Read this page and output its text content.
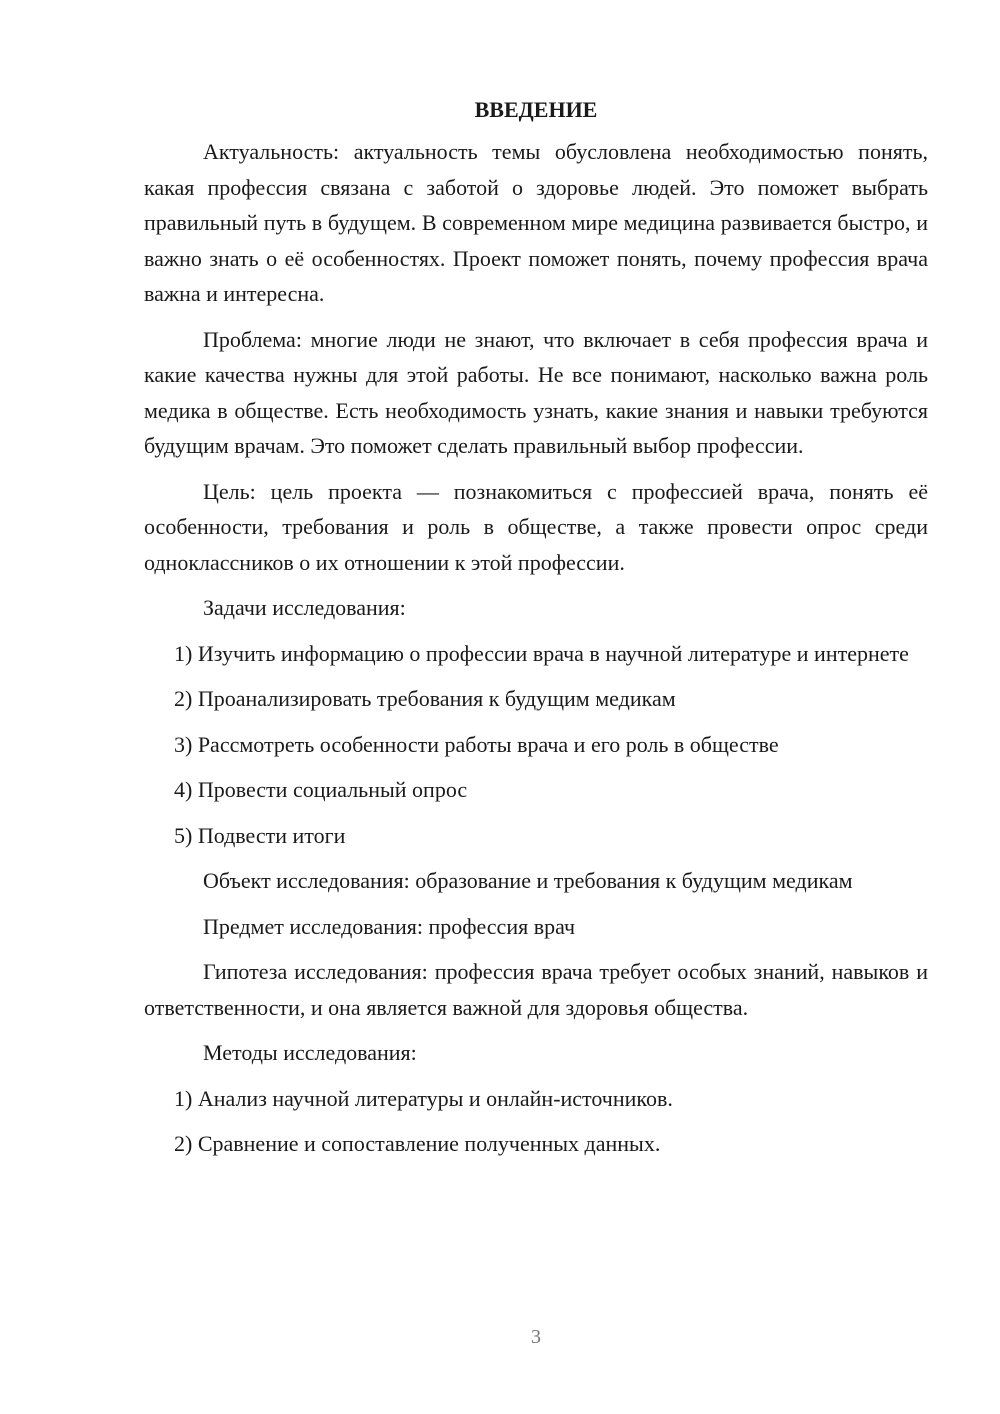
ВВЕДЕНИЕ

Актуальность: актуальность темы обусловлена необходимостью понять, какая профессия связана с заботой о здоровье людей. Это поможет выбрать правильный путь в будущем. В современном мире медицина развивается быстро, и важно знать о её особенностях. Проект поможет понять, почему профессия врача важна и интересна.

Проблема: многие люди не знают, что включает в себя профессия врача и какие качества нужны для этой работы. Не все понимают, насколько важна роль медика в обществе. Есть необходимость узнать, какие знания и навыки требуются будущим врачам. Это поможет сделать правильный выбор профессии.

Цель: цель проекта — познакомиться с профессией врача, понять её особенности, требования и роль в обществе, а также провести опрос среди одноклассников о их отношении к этой профессии.

Задачи исследования:

1) Изучить информацию о профессии врача в научной литературе и интернете

2) Проанализировать требования к будущим медикам

3) Рассмотреть особенности работы врача и его роль в обществе

4) Провести социальный опрос

5) Подвести итоги

Объект исследования: образование и требования к будущим медикам

Предмет исследования: профессия врач

Гипотеза исследования: профессия врача требует особых знаний, навыков и ответственности, и она является важной для здоровья общества.

Методы исследования:

1) Анализ научной литературы и онлайн-источников.

2) Сравнение и сопоставление полученных данных.

3
